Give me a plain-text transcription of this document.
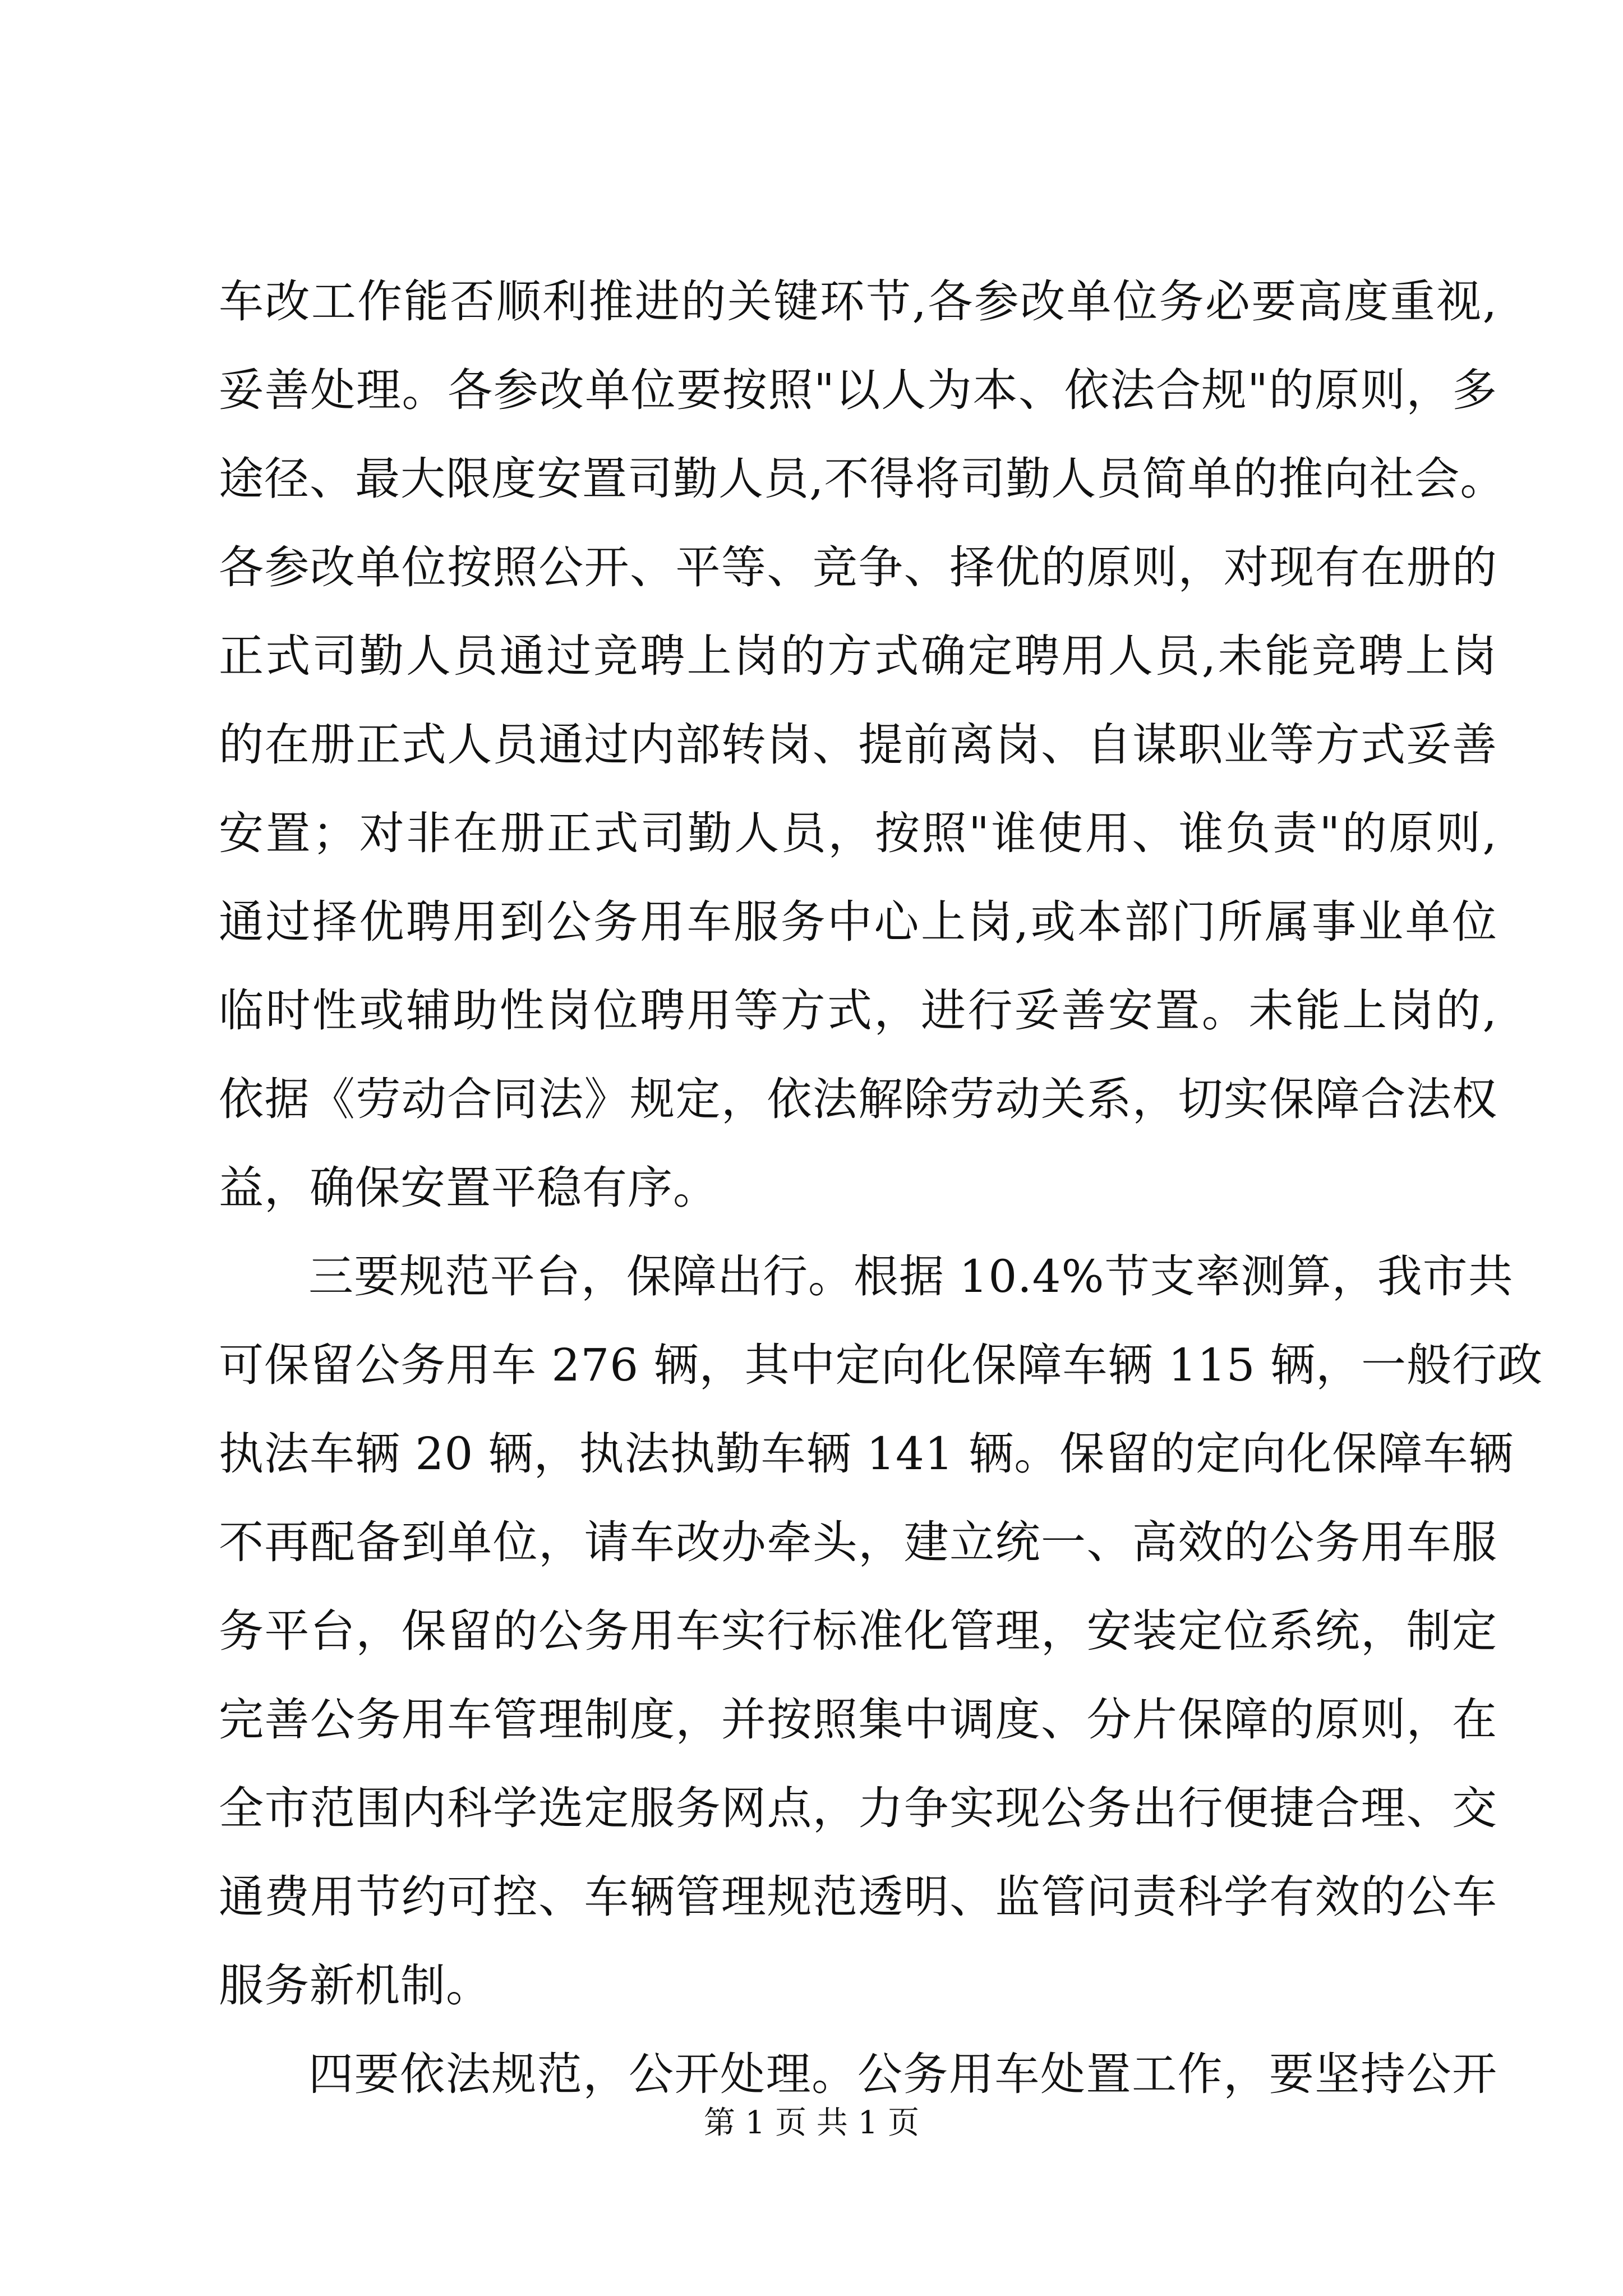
车改工作能否顺利推进的关键环节,各参改单位务必要高度重视,
妥善处理。各参改单位要按照"以人为本、依法合规"的原则，多
途径、最大限度安置司勤人员,不得将司勤人员简单的推向社会。
各参改单位按照公开、平等、竞争、择优的原则，对现有在册的
正式司勤人员通过竞聘上岗的方式确定聘用人员,未能竞聘上岗
的在册正式人员通过内部转岗、提前离岗、自谋职业等方式妥善
安置；对非在册正式司勤人员，按照"谁使用、谁负责"的原则,
通过择优聘用到公务用车服务中心上岗,或本部门所属事业单位
临时性或辅助性岗位聘用等方式，进行妥善安置。未能上岗的,
依据《劳动合同法》规定，依法解除劳动关系，切实保障合法权
益，确保安置平稳有序。
三要规范平台，保障出行。根据 10.4%节支率测算，我市共
可保留公务用车 276 辆，其中定向化保障车辆 115 辆，一般行政
执法车辆 20 辆，执法执勤车辆 141 辆。保留的定向化保障车辆
不再配备到单位，请车改办牵头，建立统一、高效的公务用车服
务平台，保留的公务用车实行标准化管理，安装定位系统，制定
完善公务用车管理制度，并按照集中调度、分片保障的原则，在
全市范围内科学选定服务网点，力争实现公务出行便捷合理、交
通费用节约可控、车辆管理规范透明、监管问责科学有效的公车
服务新机制。
四要依法规范，公开处理。公务用车处置工作，要坚持公开
第 1 页 共 1 页
